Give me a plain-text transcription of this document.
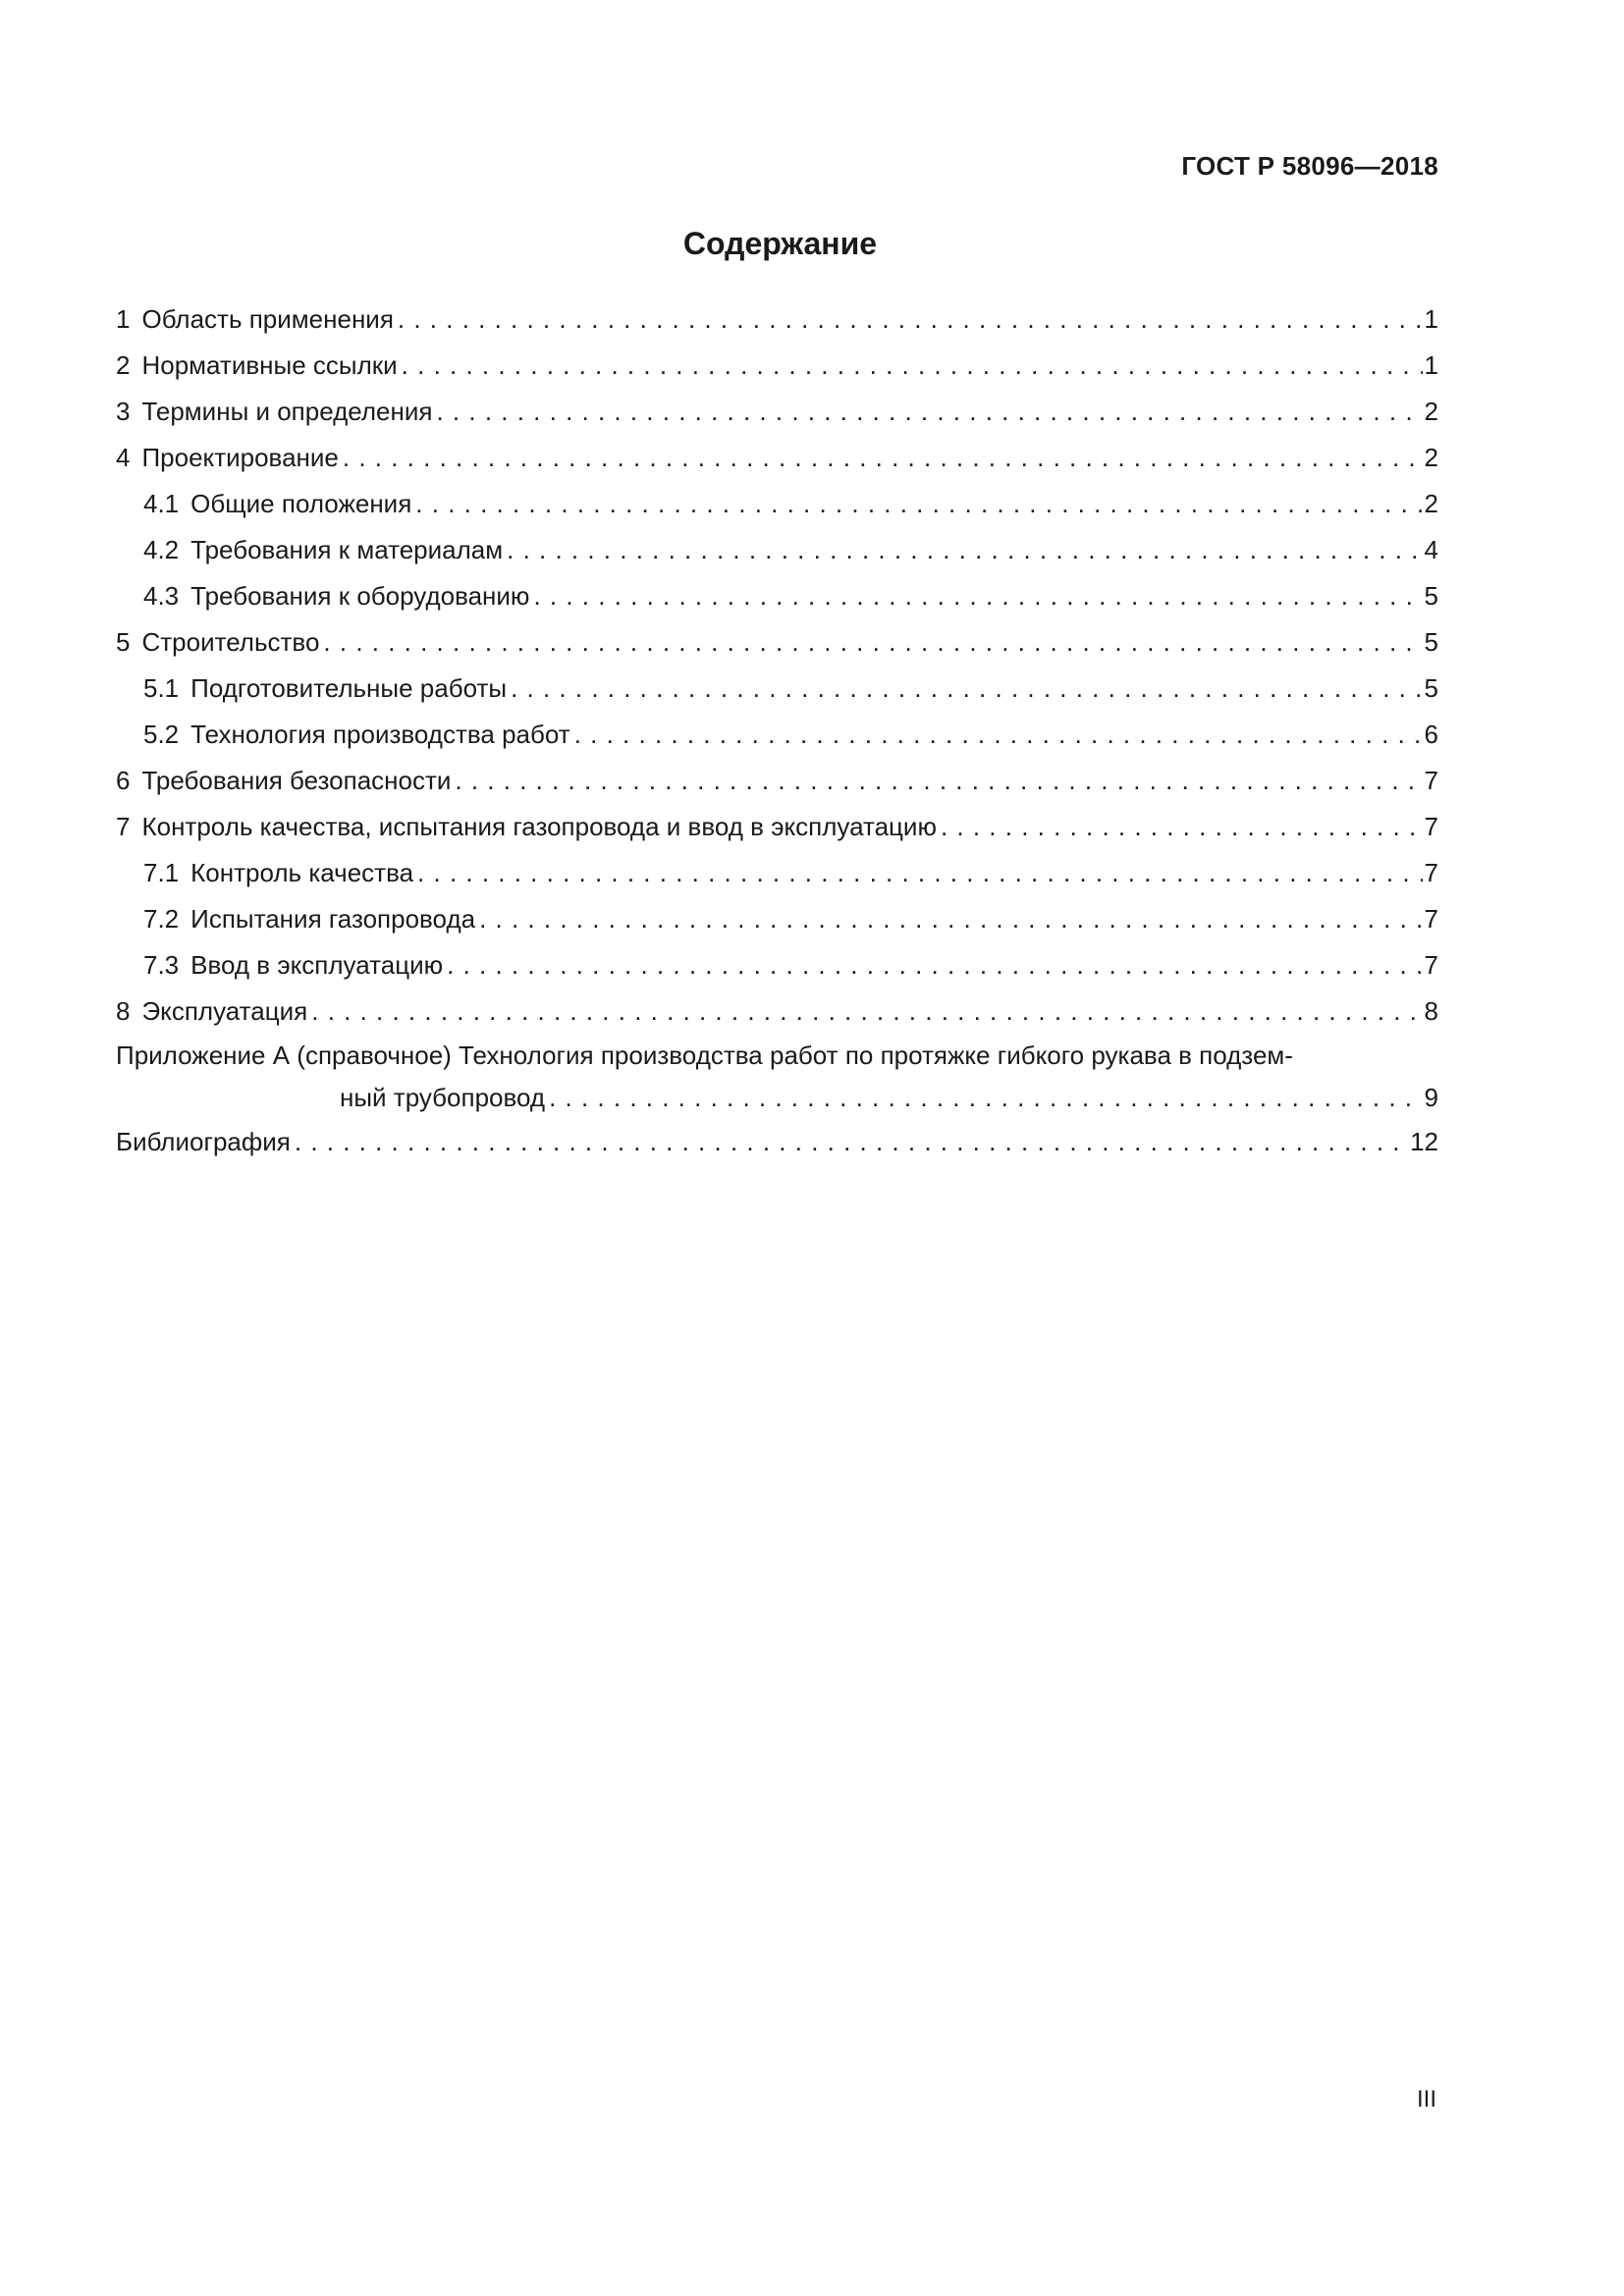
ГОСТ Р 58096—2018
Содержание
1 Область применения . . .	1
2 Нормативные ссылки . . .	1
3 Термины и определения . . .	2
4 Проектирование . . .	2
4.1 Общие положения . . .	2
4.2 Требования к материалам . . .	4
4.3 Требования к оборудованию . . .	5
5 Строительство . . .	5
5.1 Подготовительные работы . . .	5
5.2 Технология производства работ . . .	6
6 Требования безопасности . . .	7
7 Контроль качества, испытания газопровода и ввод в эксплуатацию . . .	7
7.1 Контроль качества . . .	7
7.2 Испытания газопровода . . .	7
7.3 Ввод в эксплуатацию . . .	7
8 Эксплуатация . . .	8
Приложение А (справочное) Технология производства работ по протяжке гибкого рукава в подзем-
ный трубопровод . . .	9
Библиография . . .	12
III
